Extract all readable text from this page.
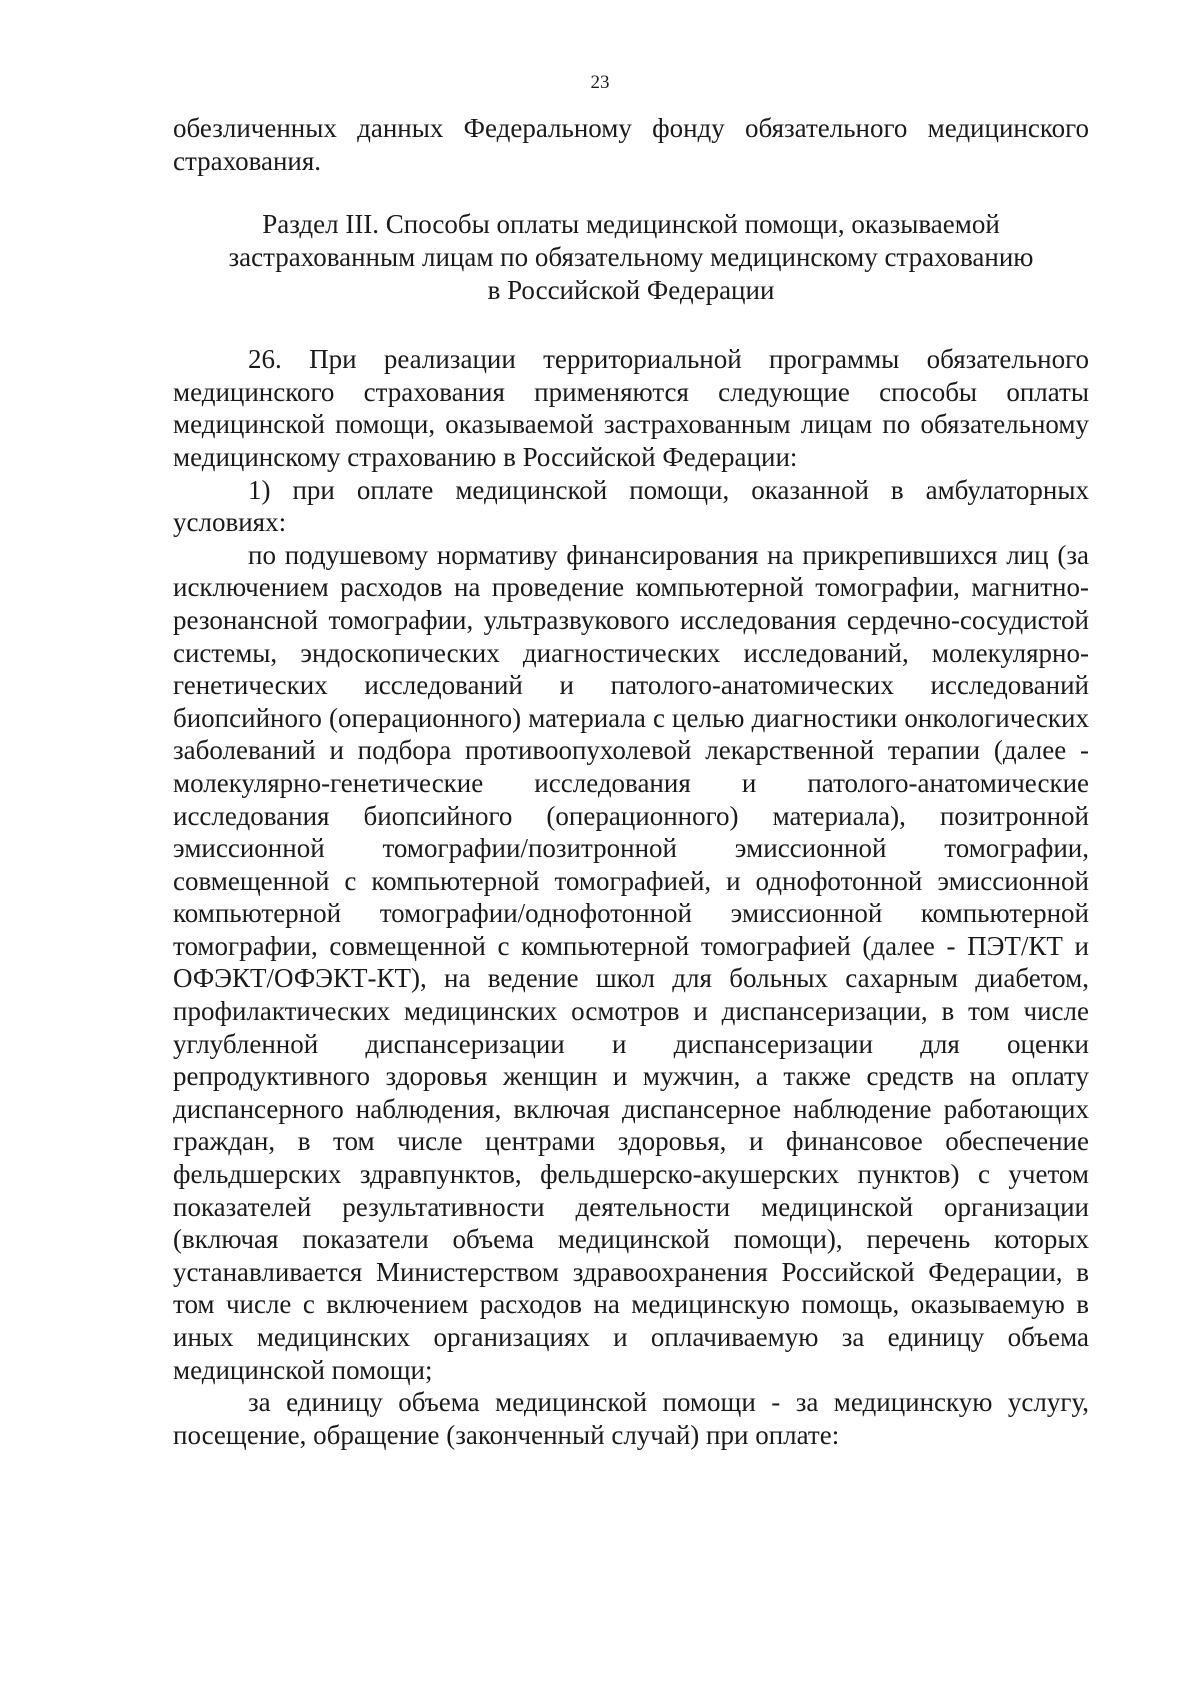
23

обезличенных данных Федеральному фонду обязательного медицинского страхования.

Раздел III. Способы оплаты медицинской помощи, оказываемой
застрахованным лицам по обязательному медицинскому страхованию
в Российской Федерации

26. При реализации территориальной программы обязательного медицинского страхования применяются следующие способы оплаты медицинской помощи, оказываемой застрахованным лицам по обязательному медицинскому страхованию в Российской Федерации:

1) при оплате медицинской помощи, оказанной в амбулаторных условиях:

по подушевому нормативу финансирования на прикрепившихся лиц (за исключением расходов на проведение компьютерной томографии, магнитно-резонансной томографии, ультразвукового исследования сердечно-сосудистой системы, эндоскопических диагностических исследований, молекулярно-генетических исследований и патолого-анатомических исследований биопсийного (операционного) материала с целью диагностики онкологических заболеваний и подбора противоопухолевой лекарственной терапии (далее - молекулярно-генетические исследования и патолого-анатомические исследования биопсийного (операционного) материала), позитронной эмиссионной томографии/позитронной эмиссионной томографии, совмещенной с компьютерной томографией, и однофотонной эмиссионной компьютерной томографии/однофотонной эмиссионной компьютерной томографии, совмещенной с компьютерной томографией (далее - ПЭТ/КТ и ОФЭКТ/ОФЭКТ-КТ), на ведение школ для больных сахарным диабетом, профилактических медицинских осмотров и диспансеризации, в том числе углубленной диспансеризации и диспансеризации для оценки репродуктивного здоровья женщин и мужчин, а также средств на оплату диспансерного наблюдения, включая диспансерное наблюдение работающих граждан, в том числе центрами здоровья, и финансовое обеспечение фельдшерских здравпунктов, фельдшерско-акушерских пунктов) с учетом показателей результативности деятельности медицинской организации (включая показатели объема медицинской помощи), перечень которых устанавливается Министерством здравоохранения Российской Федерации, в том числе с включением расходов на медицинскую помощь, оказываемую в иных медицинских организациях и оплачиваемую за единицу объема медицинской помощи;

за единицу объема медицинской помощи - за медицинскую услугу, посещение, обращение (законченный случай) при оплате:
